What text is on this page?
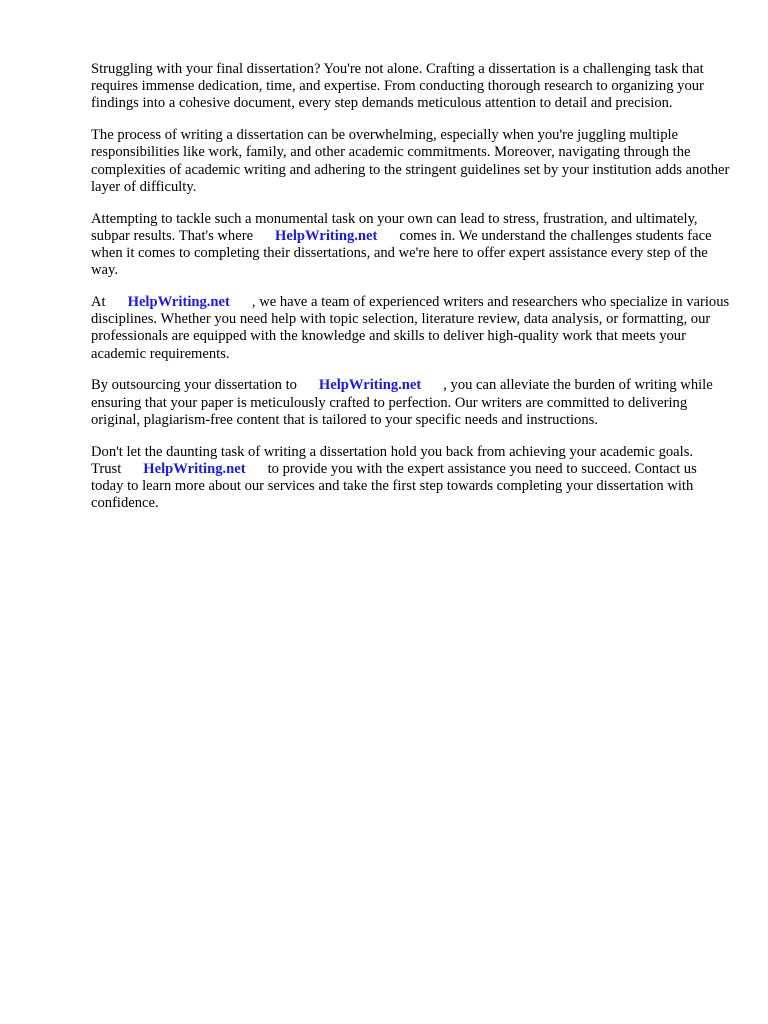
Struggling with your final dissertation? You're not alone. Crafting a dissertation is a challenging task that requires immense dedication, time, and expertise. From conducting thorough research to organizing your findings into a cohesive document, every step demands meticulous attention to detail and precision.

The process of writing a dissertation can be overwhelming, especially when you're juggling multiple responsibilities like work, family, and other academic commitments. Moreover, navigating through the complexities of academic writing and adhering to the stringent guidelines set by your institution adds another layer of difficulty.

Attempting to tackle such a monumental task on your own can lead to stress, frustration, and ultimately, subpar results. That's where HelpWriting.net comes in. We understand the challenges students face when it comes to completing their dissertations, and we're here to offer expert assistance every step of the way.

At HelpWriting.net , we have a team of experienced writers and researchers who specialize in various disciplines. Whether you need help with topic selection, literature review, data analysis, or formatting, our professionals are equipped with the knowledge and skills to deliver high-quality work that meets your academic requirements.

By outsourcing your dissertation to HelpWriting.net , you can alleviate the burden of writing while ensuring that your paper is meticulously crafted to perfection. Our writers are committed to delivering original, plagiarism-free content that is tailored to your specific needs and instructions.

Don't let the daunting task of writing a dissertation hold you back from achieving your academic goals. Trust HelpWriting.net to provide you with the expert assistance you need to succeed. Contact us today to learn more about our services and take the first step towards completing your dissertation with confidence.
